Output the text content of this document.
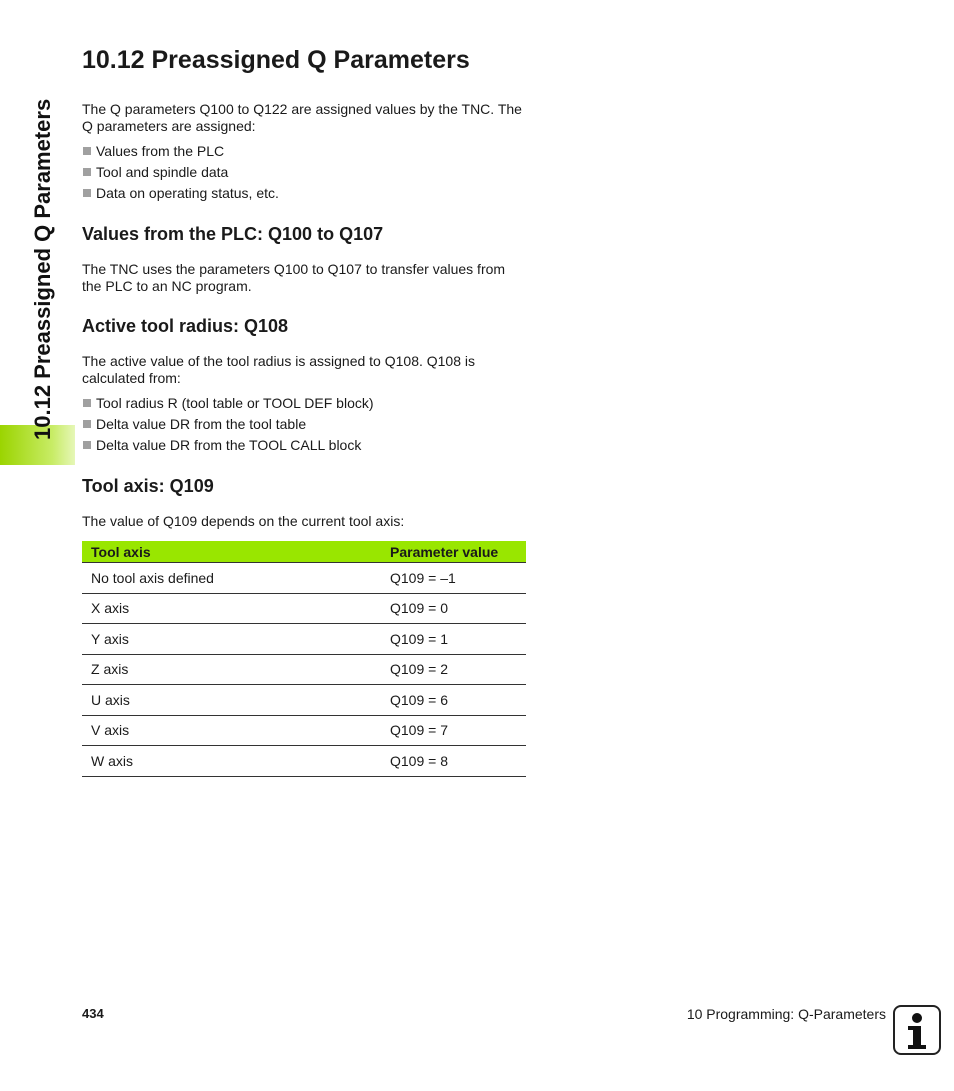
10.12 Preassigned Q Parameters
10.12 Preassigned Q Parameters

The Q parameters Q100 to Q122 are assigned values by the TNC. The Q parameters are assigned:

Values from the PLC
Tool and spindle data
Data on operating status, etc.
Values from the PLC: Q100 to Q107

The TNC uses the parameters Q100 to Q107 to transfer values from the PLC to an NC program.

Active tool radius: Q108

The active value of the tool radius is assigned to Q108. Q108 is calculated from:

Tool radius R (tool table or TOOL DEF block)
Delta value DR from the tool table
Delta value DR from the TOOL CALL block
Tool axis: Q109

The value of Q109 depends on the current tool axis:

Tool axis	Parameter value
No tool axis defined	Q109 = –1
X axis	Q109 = 0
Y axis	Q109 = 1
Z axis	Q109 = 2
U axis	Q109 = 6
V axis	Q109 = 7
W axis	Q109 = 8
434	10 Programming: Q-Parameters
